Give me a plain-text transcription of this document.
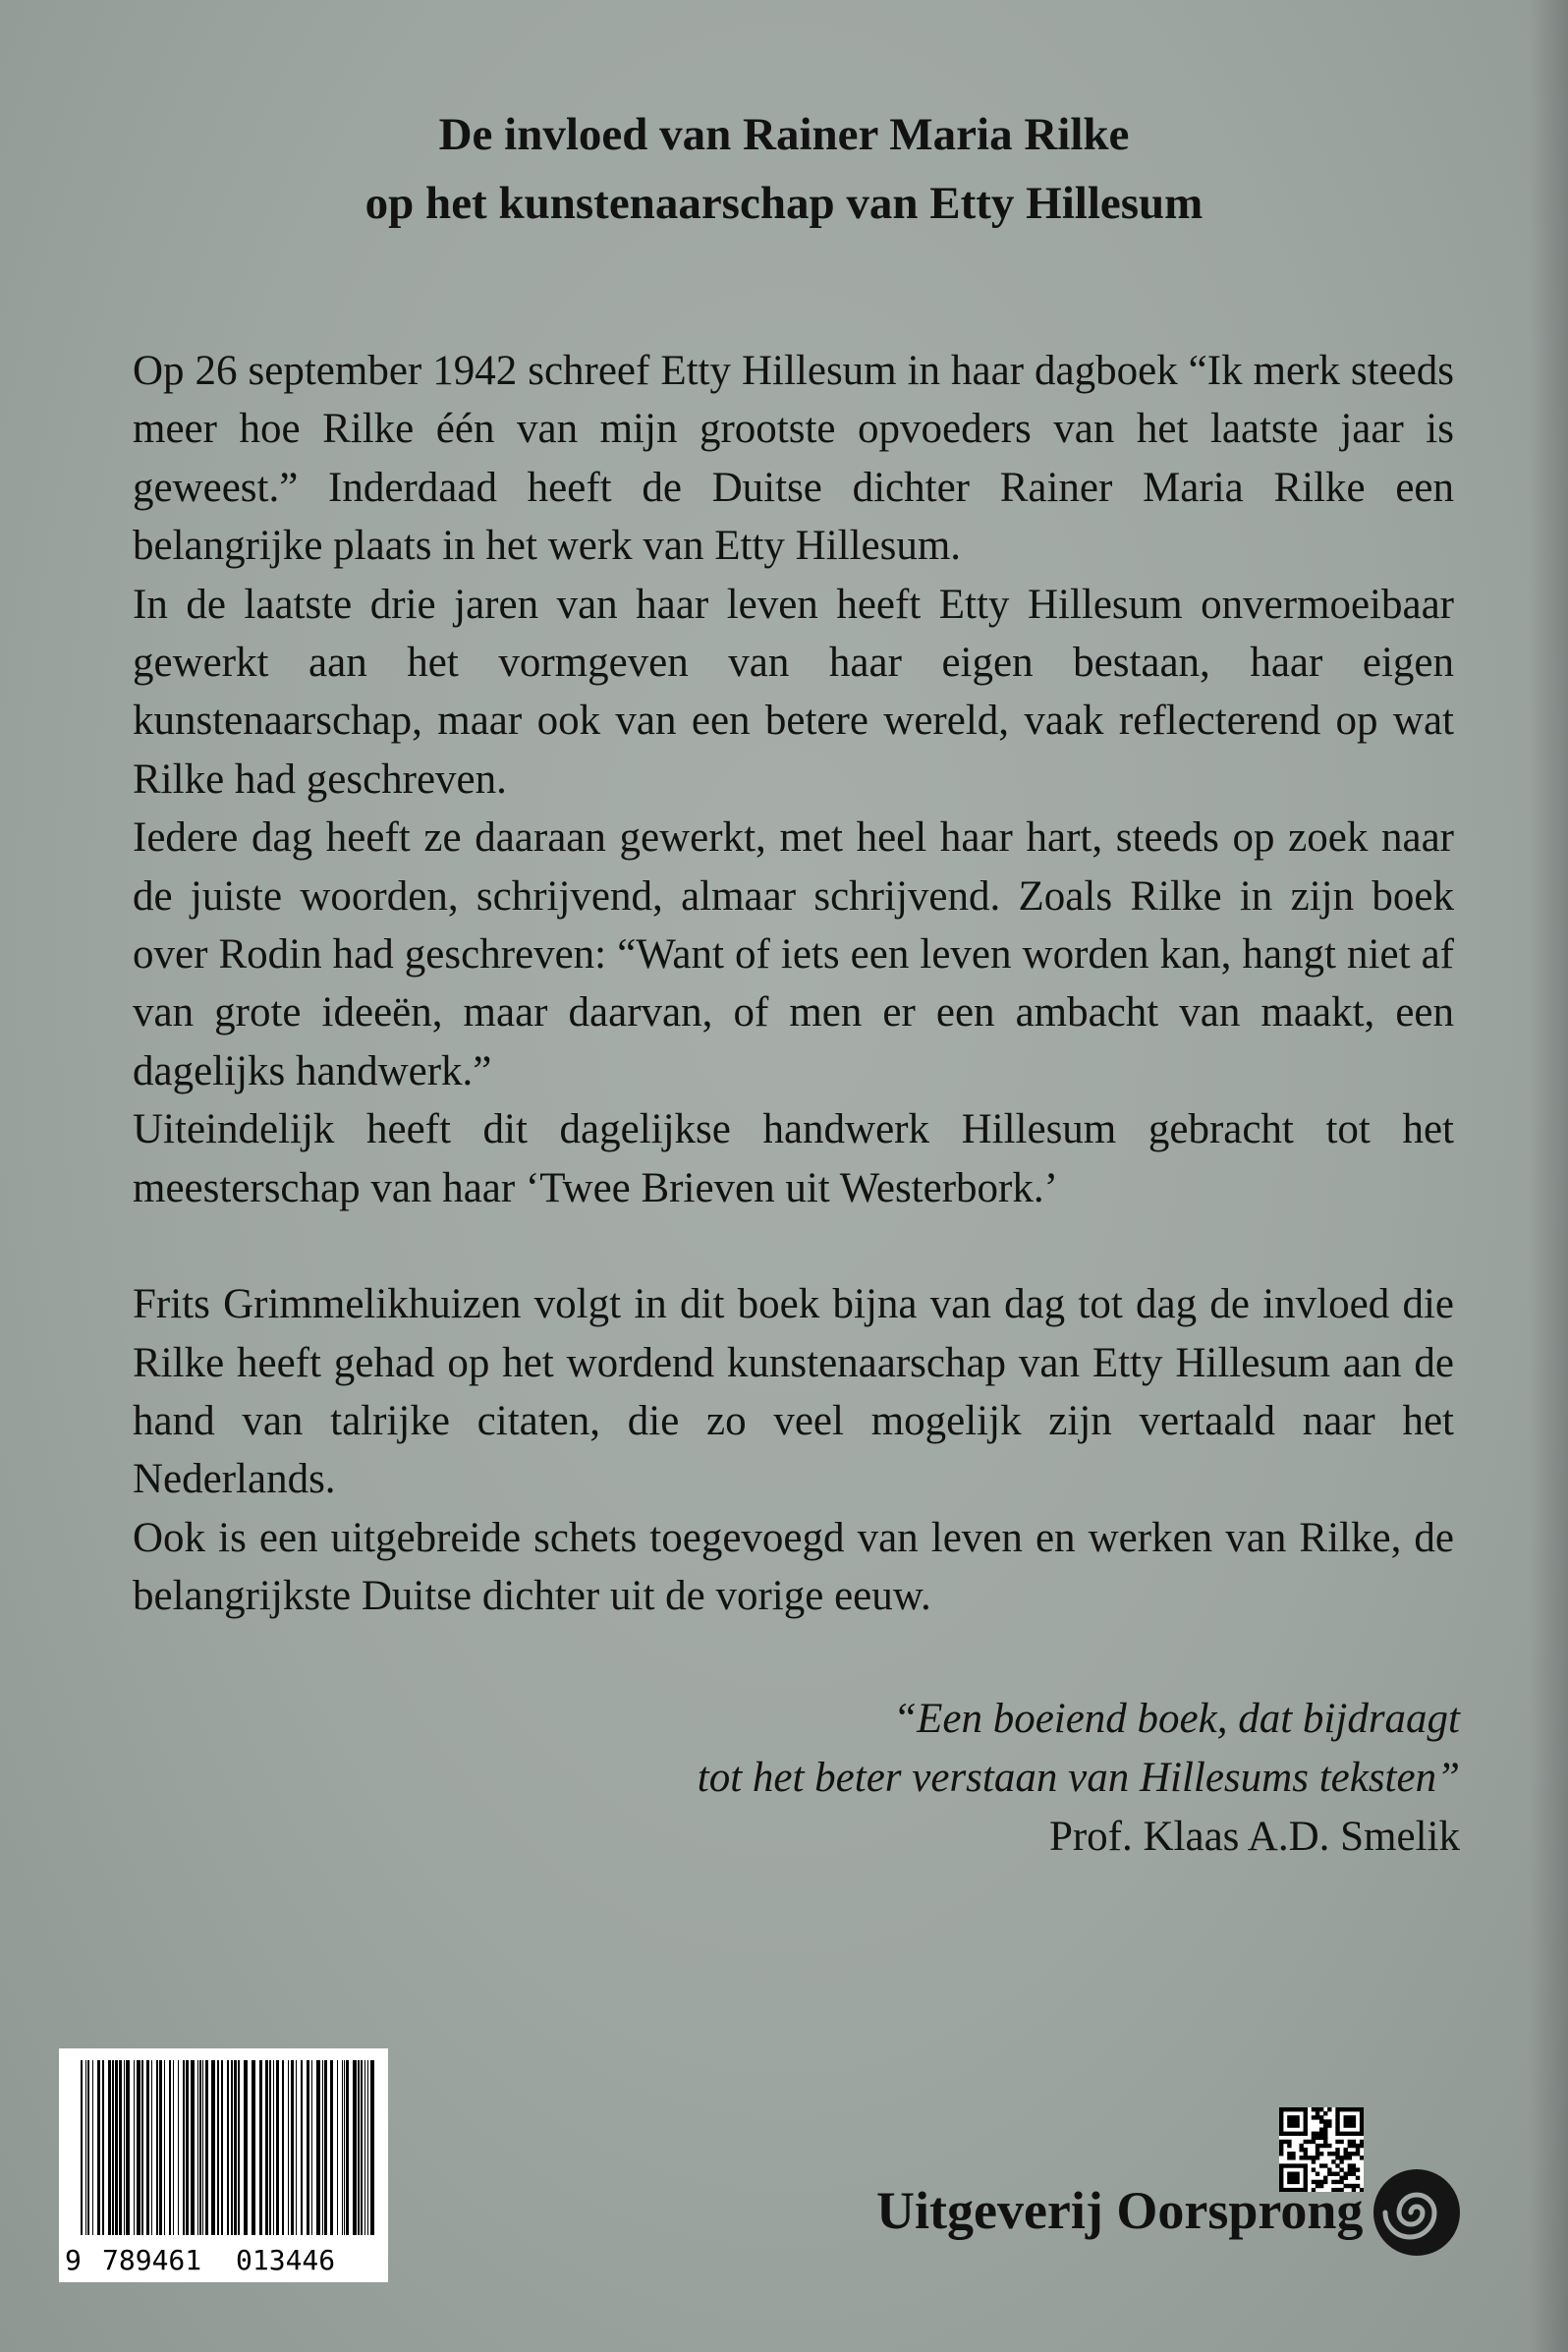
De invloed van Rainer Maria Rilke
op het kunstenaarschap van Etty Hillesum

Op 26 september 1942 schreef Etty Hillesum in haar dagboek “Ik merk steeds meer hoe Rilke één van mijn grootste opvoeders van het laatste jaar is geweest.” Inderdaad heeft de Duitse dichter Rainer Maria Rilke een belangrijke plaats in het werk van Etty Hillesum.

In de laatste drie jaren van haar leven heeft Etty Hillesum onvermoeibaar gewerkt aan het vormgeven van haar eigen bestaan, haar eigen kunstenaarschap, maar ook van een betere wereld, vaak reflecterend op wat Rilke had geschreven.

Iedere dag heeft ze daaraan gewerkt, met heel haar hart, steeds op zoek naar de juiste woorden, schrijvend, almaar schrijvend. Zoals Rilke in zijn boek over Rodin had geschreven: “Want of iets een leven worden kan, hangt niet af van grote ideeën, maar daarvan, of men er een ambacht van maakt, een dagelijks handwerk.”

Uiteindelijk heeft dit dagelijkse handwerk Hillesum gebracht tot het meesterschap van haar ‘Twee Brieven uit Westerbork.’

Frits Grimmelikhuizen volgt in dit boek bijna van dag tot dag de invloed die Rilke heeft gehad op het wordend kunstenaarschap van Etty Hillesum aan de hand van talrijke citaten, die zo veel mogelijk zijn vertaald naar het Nederlands.

Ook is een uitgebreide schets toegevoegd van leven en werken van Rilke, de belangrijkste Duitse dichter uit de vorige eeuw.

“Een boeiend boek, dat bijdraagt
tot het beter verstaan van Hillesums teksten”
Prof. Klaas A.D. Smelik
9 789461 013446
Uitgeverij Oorsprong
